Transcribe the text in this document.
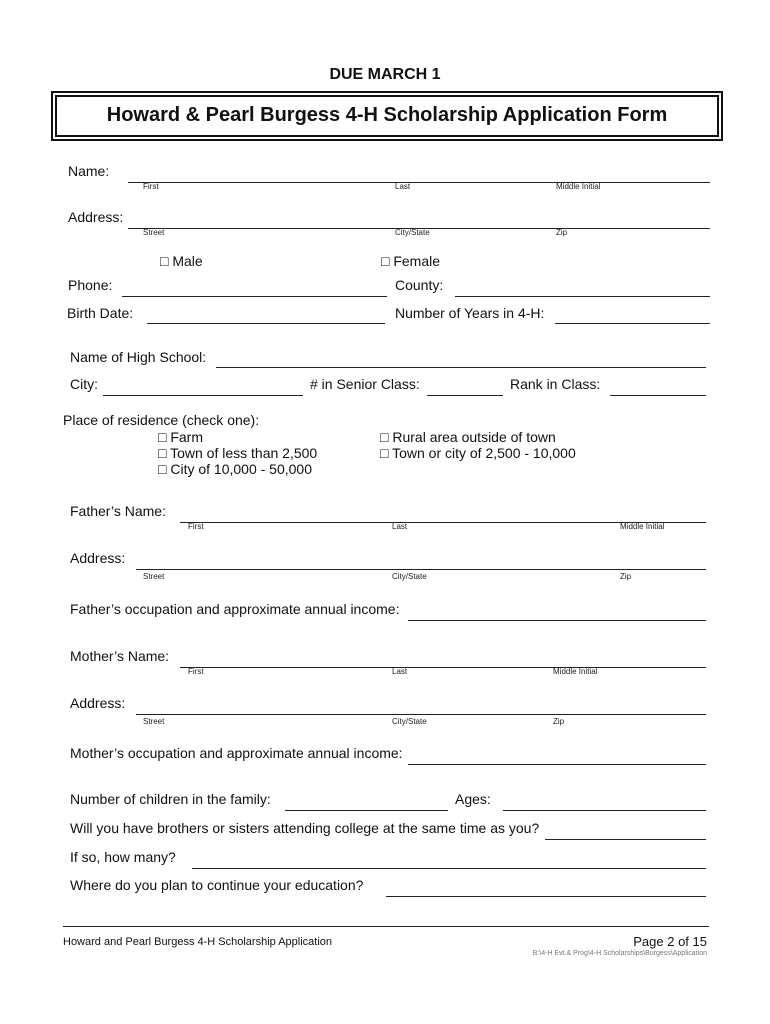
DUE MARCH 1
Howard & Pearl Burgess 4-H Scholarship Application Form
Name:
First	Last	Middle Initial
Address:
Street	City/State	Zip
□ Male	□ Female
Phone:	County:
Birth Date:	Number of Years in 4-H:
Name of High School:
City:	# in Senior Class:	Rank in Class:
Place of residence (check one):
□ Farm
□ Town of less than 2,500
□ City of 10,000 - 50,000
□ Rural area outside of town
□ Town or city of 2,500 - 10,000
Father’s Name:
First	Last	Middle Initial
Address:
Street	City/State	Zip
Father’s occupation and approximate annual income:
Mother’s Name:
First	Last	Middle Initial
Address:
Street	City/State	Zip
Mother’s occupation and approximate annual income:
Number of children in the family:	Ages:
Will you have brothers or sisters attending college at the same time as you?
If so, how many?
Where do you plan to continue your education?
Howard and Pearl Burgess 4-H Scholarship Application	Page 2 of 15
B:\4-H Evt.& Prog\4-H Scholarships\Burgess\Application
